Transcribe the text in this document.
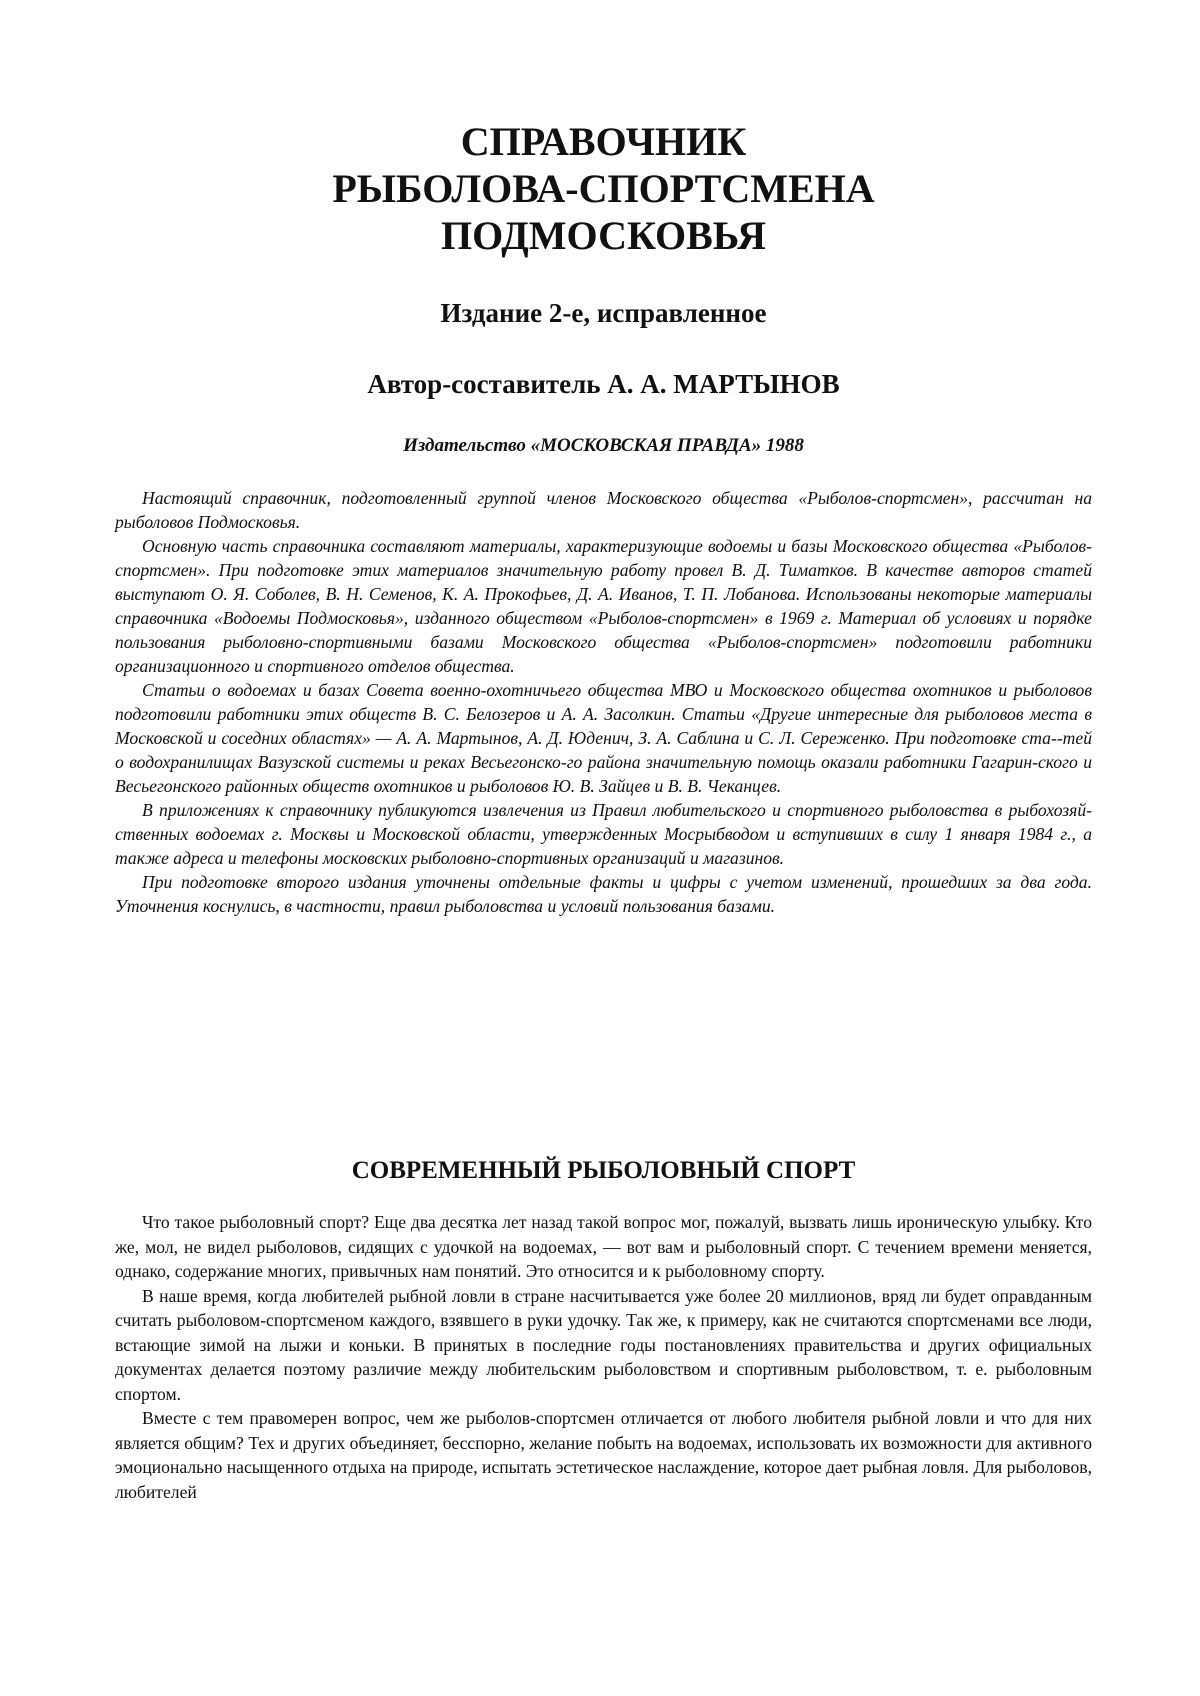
СПРАВОЧНИК
РЫБОЛОВА-СПОРТСМЕНА
ПОДМОСКОВЬЯ
Издание 2-е, исправленное
Автор-составитель А. А. МАРТЫНОВ
Издательство «МОСКОВСКАЯ ПРАВДА» 1988

Настоящий справочник, подготовленный группой членов Московского общества «Рыболов-спортсмен», рассчитан на рыболовов Подмосковья.

Основную часть справочника составляют материалы, характеризующие водоемы и базы Московского общества «Рыболов-спортсмен». При подготовке этих материалов значительную работу провел В. Д. Тиматков. В качестве авторов статей выступают О. Я. Соболев, В. Н. Семенов, К. А. Прокофьев, Д. А. Иванов, Т. П. Лобанова. Использованы некоторые материалы справочника «Водоемы Подмосковья», изданного обществом «Рыболов-спортсмен» в 1969 г. Материал об условиях и порядке пользования рыболовно-спортивными базами Московского общества «Рыболов-спортсмен» подготовили работники организационного и спортивного отделов общества.

Статьи о водоемах и базах Совета военно-охотничьего общества МВО и Московского общества охотников и рыболовов подготовили работники этих обществ В. С. Белозеров и А. А. Засолкин. Статьи «Другие интересные для рыболовов места в Московской и соседних областях» — А. А. Мартынов, А. Д. Юденич, З. А. Саблина и С. Л. Сереженко. При подготовке ста--тей о водохранилищах Вазузской системы и реках Весьегонско-го района значительную помощь оказали работники Гагарин-ского и Весьегонского районных обществ охотников и рыболовов Ю. В. Зайцев и В. В. Чеканцев.

В приложениях к справочнику публикуются извлечения из Правил любительского и спортивного рыболовства в рыбохозяй-ственных водоемах г. Москвы и Московской области, утвержденных Мосрыбводом и вступивших в силу 1 января 1984 г., а также адреса и телефоны московских рыболовно-спортивных организаций и магазинов.

При подготовке второго издания уточнены отдельные факты и цифры с учетом изменений, прошедших за два года. Уточнения коснулись, в частности, правил рыболовства и условий пользования базами.

СОВРЕМЕННЫЙ РЫБОЛОВНЫЙ СПОРТ

Что такое рыболовный спорт? Еще два десятка лет назад такой вопрос мог, пожалуй, вызвать лишь ироническую улыбку. Кто же, мол, не видел рыболовов, сидящих с удочкой на водоемах, — вот вам и рыболовный спорт. С течением времени меняется, однако, содержание многих, привычных нам понятий. Это относится и к рыболовному спорту.

В наше время, когда любителей рыбной ловли в стране насчитывается уже более 20 миллионов, вряд ли будет оправданным считать рыболовом-спортсменом каждого, взявшего в руки удочку. Так же, к примеру, как не считаются спортсменами все люди, встающие зимой на лыжи и коньки. В принятых в последние годы постановлениях правительства и других официальных документах делается поэтому различие между любительским рыболовством и спортивным рыболовством, т. е. рыболовным спортом.

Вместе с тем правомерен вопрос, чем же рыболов-спортсмен отличается от любого любителя рыбной ловли и что для них является общим? Тех и других объединяет, бесспорно, желание побыть на водоемах, использовать их возможности для активного эмоционально насыщенного отдыха на природе, испытать эстетическое наслаждение, которое дает рыбная ловля. Для рыболовов, любителей
